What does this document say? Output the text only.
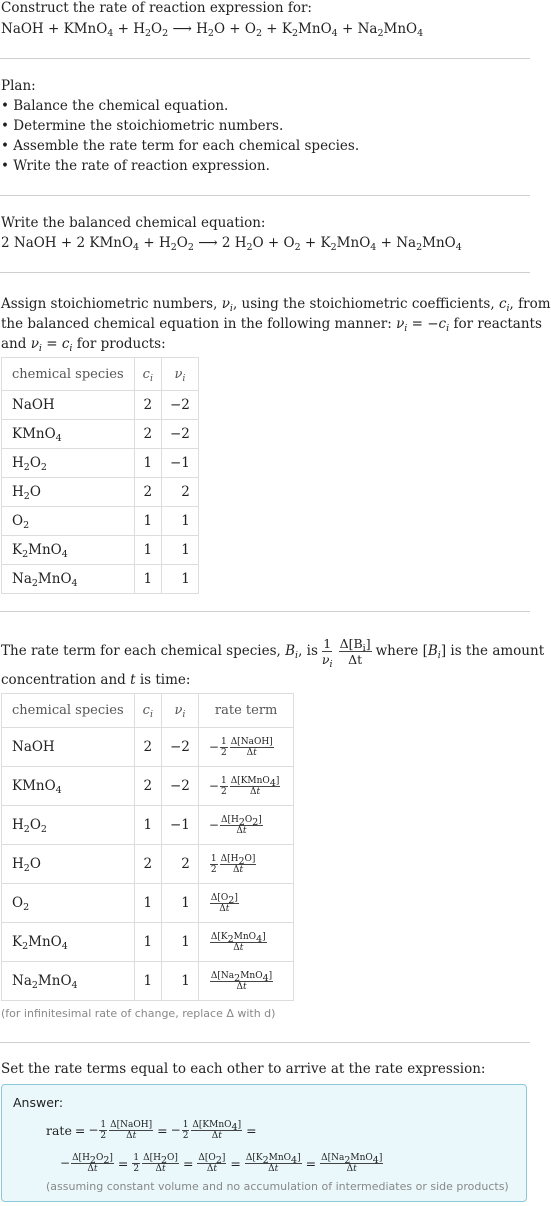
Construct the rate of reaction expression for:
NaOH + KMnO$_4$ + $H_2O_2$ ⟶ $H_2O + O_2 + K_2MnO_4 + Na_2MnO_4$
Plan:
• Balance the chemical equation.
• Determine the stoichiometric numbers.
• Assemble the rate term for each chemical species.
• Write the rate of reaction expression.
Write the balanced chemical equation:
2 NaOH + 2 KMnO$_4$ + $H_2O_2$ ⟶ 2 $H_2O + O_2 + K_2MnO_4 + Na_2MnO_4$
Assign stoichiometric numbers, $\nu_i$, using the stoichiometric coefficients, $c_i$, from
the balanced chemical equation in the following manner: $\nu_i = -c_i$ for reactants
and $\nu_i = c_i$ for products:
chemical species	$c_i$	$\nu_i$
NaOH	2	−2
KMnO$_4$	2	−2
$H_2O_2$	1	−1
$H_2O$	2	2
$O_2$	1	1
$K_2MnO_4$	1	1
$Na_2MnO_4$	1	1
The rate term for each chemical species, $B_i$, is $\frac{1}{\nu_i} \frac{\Delta[B_i]}{\Delta t}$ where $[B_i]$ is the amount
concentration and t is time:
chemical species	$c_i$	$\nu_i$	rate term
NaOH	2	−2	− $\frac{1}{2} \frac{\text{Δ[NaOH]}}{\Delta t}$

KMnO$_4$	2	−2	− $\frac{1}{2} \frac{\Delta[KMnO_4]}{\Delta t}$

$H_2O_2$	1	−1	− $\frac{\Delta[H_2O_2]}{\Delta t}$

$H_2O$	2	2	$\frac{1}{2} \frac{\Delta[H_2O]}{\Delta t}$

$O_2$	1	1	$\frac{\Delta[O_2]}{\Delta t}$

$K_2MnO_4$	1	1	$\frac{\Delta[K_2MnO_4]}{\Delta t}$

$Na_2MnO_4$	1	1	$\frac{\Delta[Na_2MnO_4]}{\Delta t}$
(for infinitesimal rate of change, replace Δ with d)
Set the rate terms equal to each other to arrive at the rate expression:
Answer:
rate = − $\frac{1}{2} \frac{\text{Δ[NaOH]}}{\Delta t}$ = − $\frac{1}{2} \frac{\Delta[KMnO_4]}{\Delta t}$ =
− $\frac{\Delta[H_2O_2]}{\Delta t} = \frac{1}{2} \frac{\Delta[H_2O]}{\Delta t} = \frac{\Delta[O_2]}{\Delta t} = \frac{\Delta[K_2MnO_4]}{\Delta t} = \frac{\Delta[Na_2MnO_4]}{\Delta t}$
(assuming constant volume and no accumulation of intermediates or side products)
